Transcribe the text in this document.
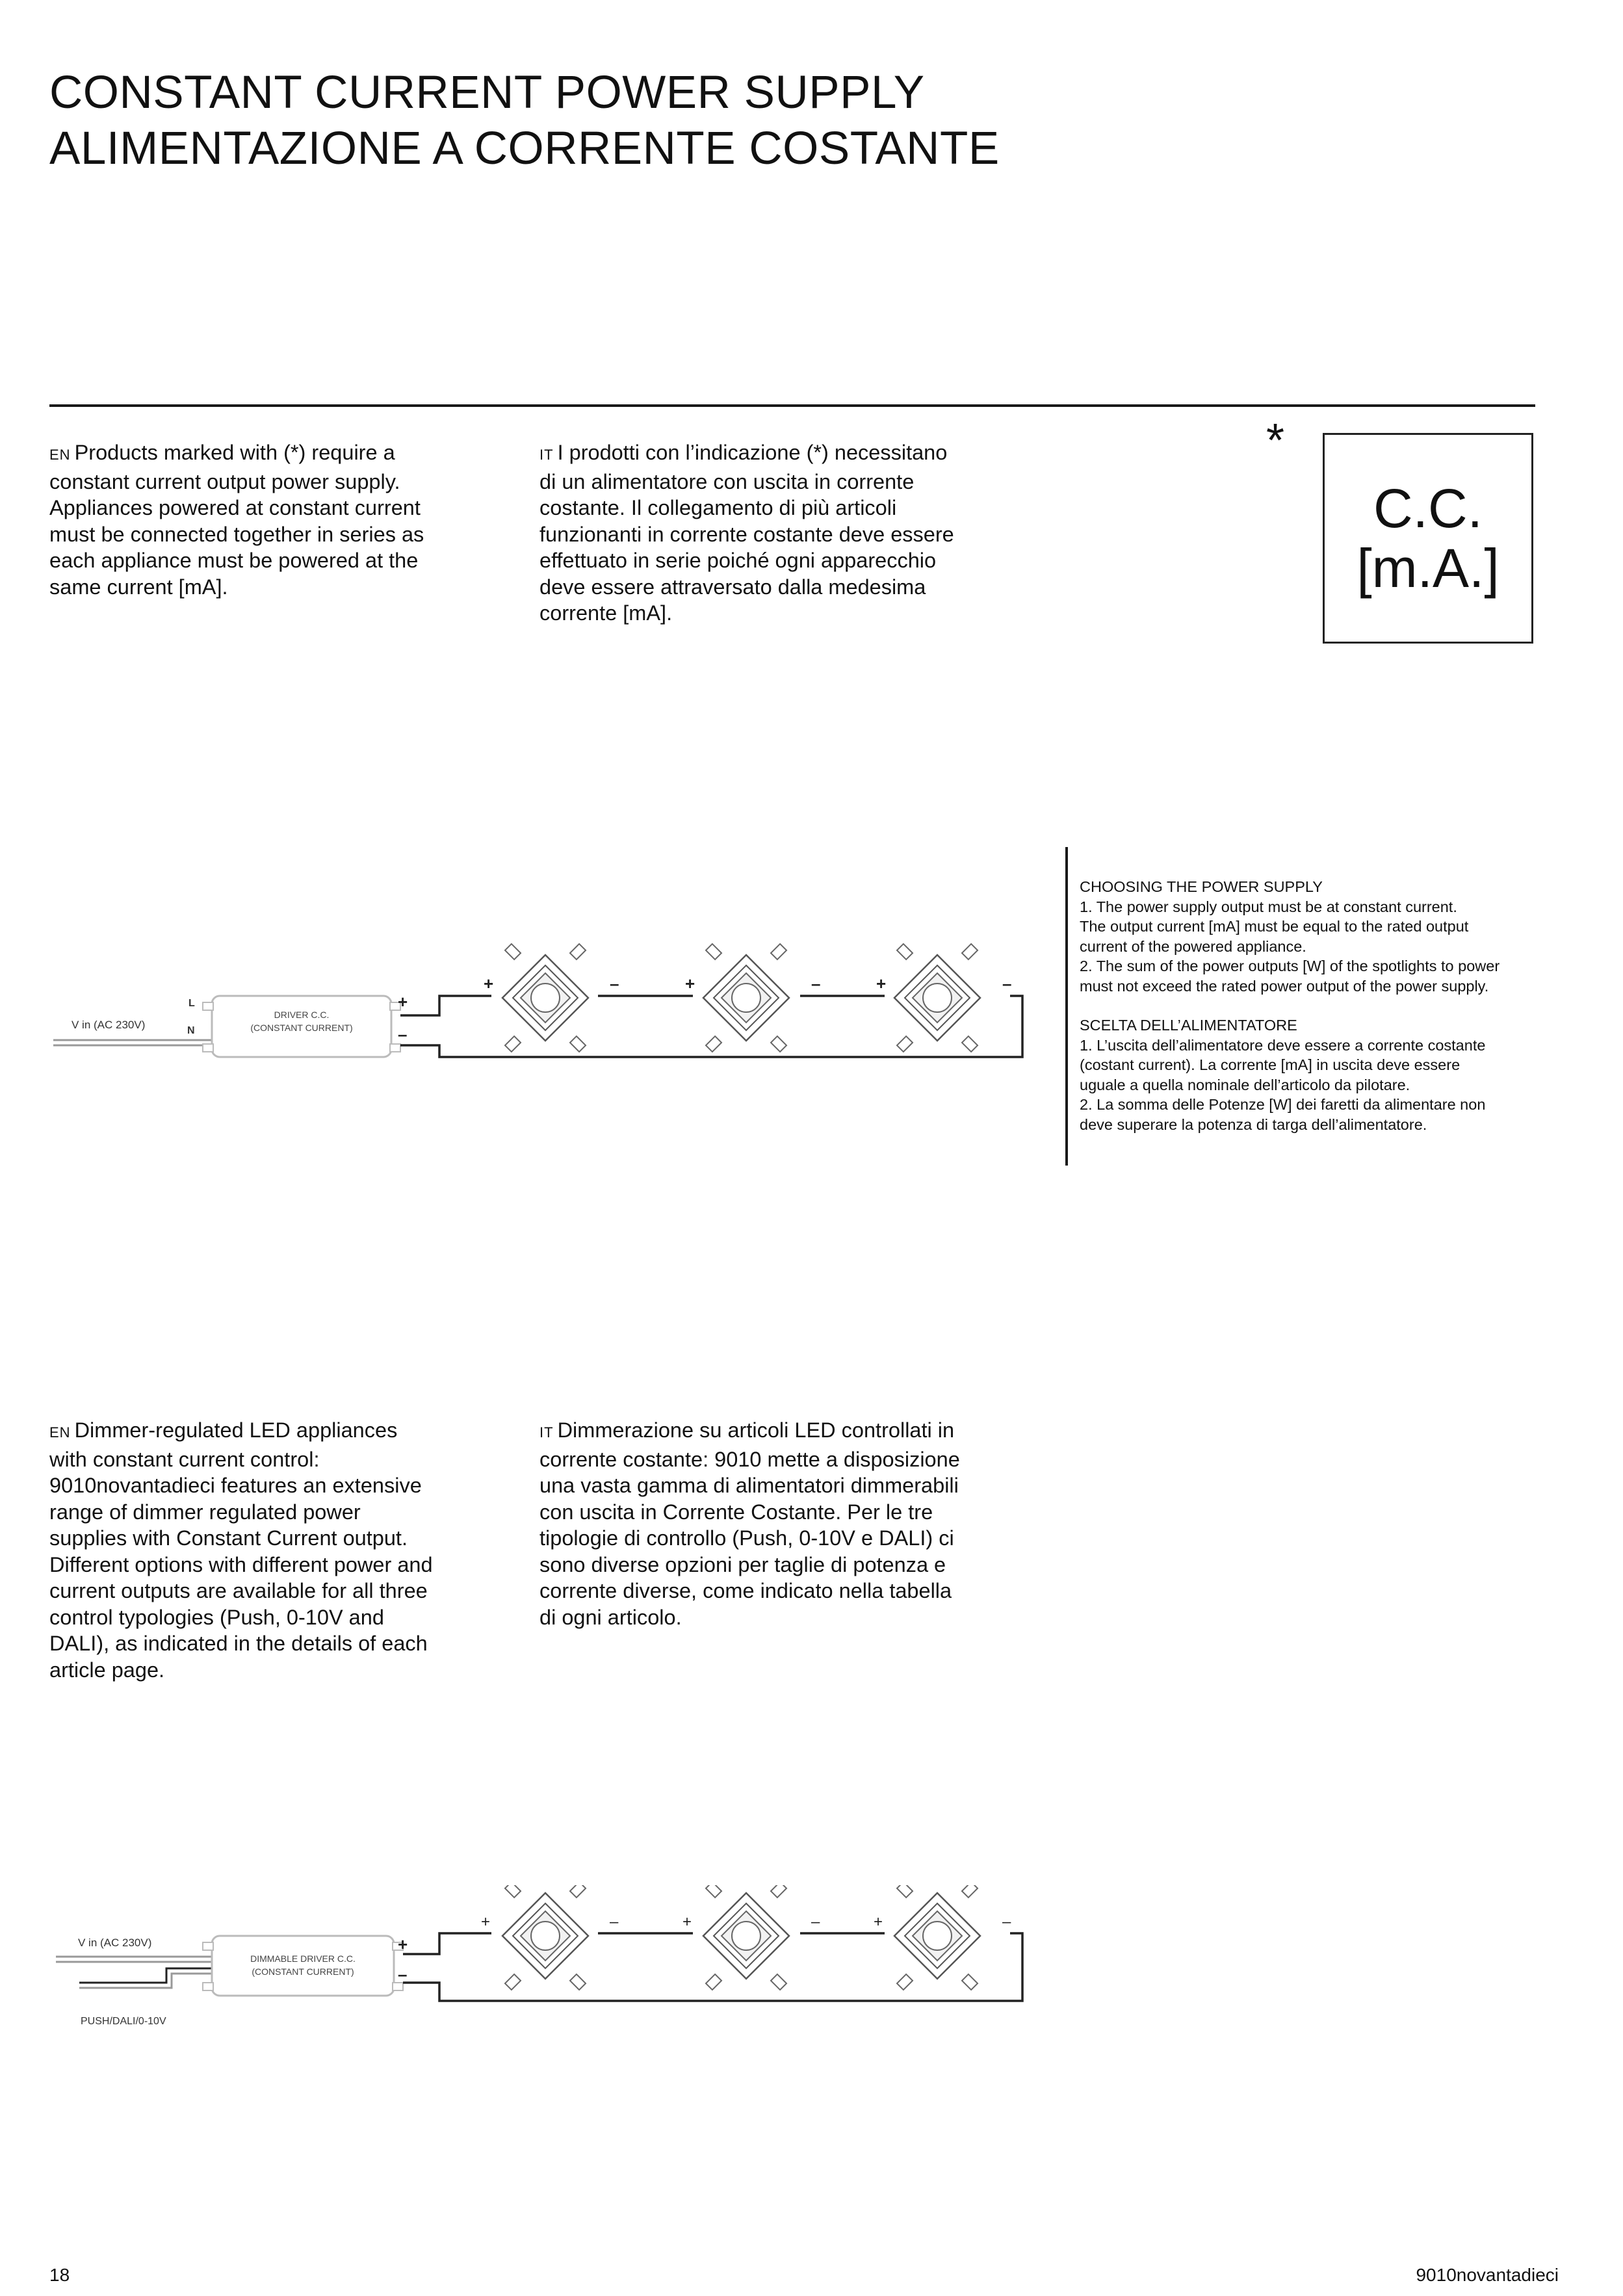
CONSTANT CURRENT POWER SUPPLY
ALIMENTAZIONE A CORRENTE COSTANTE
EN Products marked with (*) require a
constant current output power supply.
Appliances powered at constant current
must be connected together in series as
each appliance must be powered at the
same current [mA].
IT I prodotti con l’indicazione (*) necessitano
di un alimentatore con uscita in corrente
costante. Il collegamento di più articoli
funzionanti in corrente costante deve essere
effettuato in serie poiché ogni apparecchio
deve essere attraversato dalla medesima
corrente [mA].
*
C.C.
[m.A.]
V in (AC 230V)
L
N
DRIVER C.C.
(CONSTANT CURRENT)
+
–
+	–	+	–	+	–
CHOOSING THE POWER SUPPLY
1. The power supply output must be at constant current.
The output current [mA] must be equal to the rated output
current of the powered appliance.
2. The sum of the power outputs [W] of the spotlights to power
must not exceed the rated power output of the power supply.
SCELTA DELL’ALIMENTATORE
1. L’uscita dell’alimentatore deve essere a corrente costante
(costant current). La corrente [mA] in uscita deve essere
uguale a quella nominale dell’articolo da pilotare.
2. La somma delle Potenze [W] dei faretti da alimentare non
deve superare la potenza di targa dell’alimentatore.
EN Dimmer-regulated LED appliances
with constant current control:
9010novantadieci features an extensive
range of dimmer regulated power
supplies with Constant Current output.
Different options with different power and
current outputs are available for all three
control typologies (Push, 0-10V and
DALI), as indicated in the details of each
article page.
IT Dimmerazione su articoli LED controllati in
corrente costante: 9010 mette a disposizione
una vasta gamma di alimentatori dimmerabili
con uscita in Corrente Costante. Per le tre
tipologie di controllo (Push, 0-10V e DALI) ci
sono diverse opzioni per taglie di potenza e
corrente diverse, come indicato nella tabella
di ogni articolo.
V in (AC 230V)
PUSH/DALI/0-10V
DIMMABLE DRIVER C.C.
(CONSTANT CURRENT)
+
–
+	–	+	–	+	–
18	9010novantadieci
